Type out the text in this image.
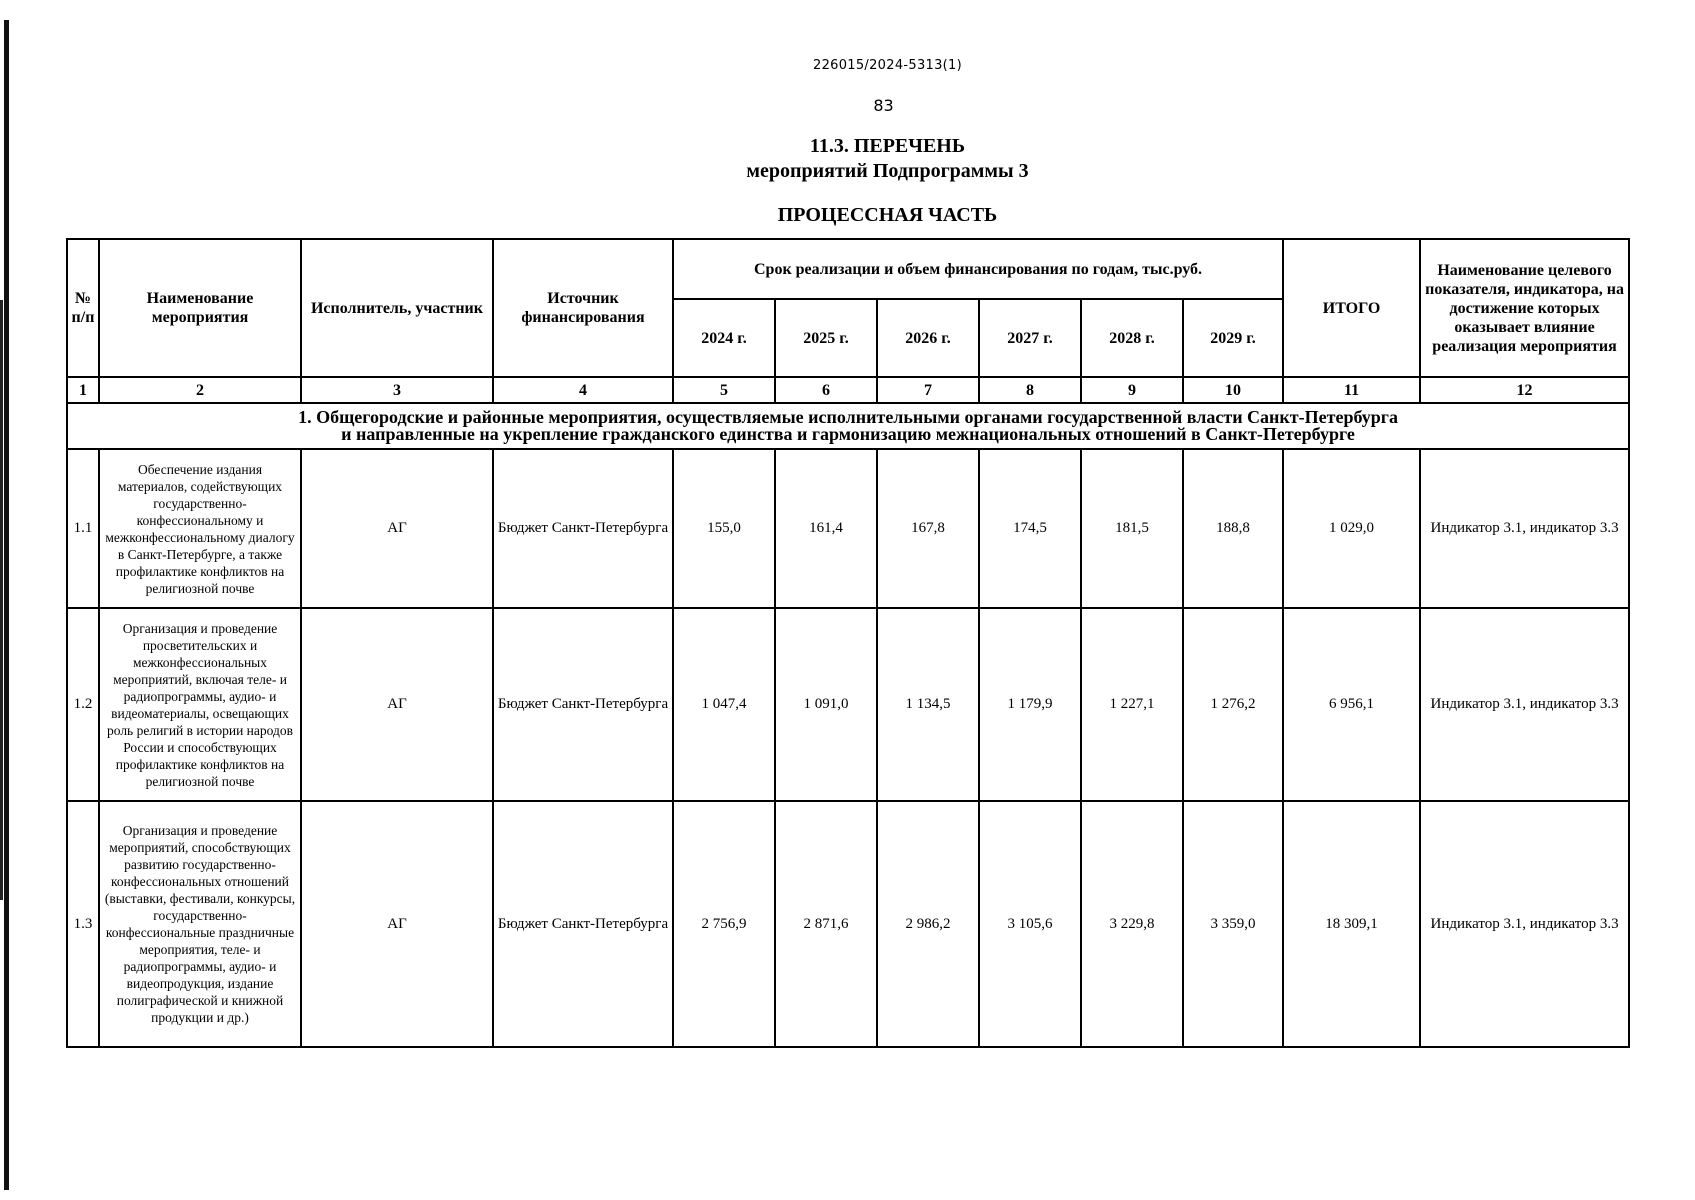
226015/2024-5313(1)
83
11.3. ПЕРЕЧЕНЬ
мероприятий Подпрограммы 3
ПРОЦЕССНАЯ ЧАСТЬ
№ п/п	Наименование мероприятия	Исполнитель, участник	Источник финансирования	Срок реализации и объем финансирования по годам, тыс.руб.						ИТОГО	Наименование целевого показателя, индикатора, на достижение которых оказывает влияние реализация мероприятия
				2024 г.	2025 г.	2026 г.	2027 г.	2028 г.	2029 г.		
1	2	3	4	5	6	7	8	9	10	11	12

1. Общегородские и районные мероприятия, осуществляемые исполнительными органами государственной власти Санкт-Петербурга
и направленные на укрепление гражданского единства и гармонизацию межнациональных отношений в Санкт-Петербурге											

1.1	Обеспечение издания материалов, содействующих государственно-конфессиональному и межконфессиональному диалогу в Санкт-Петербурге, а также профилактике конфликтов на религиозной почве	АГ	Бюджет Санкт-Петербурга	155,0	161,4	167,8	174,5	181,5	188,8	1 029,0	Индикатор 3.1, индикатор 3.3
1.2	Организация и проведение просветительских и межконфессиональных мероприятий, включая теле- и радиопрограммы, аудио- и видеоматериалы, освещающих роль религий в истории народов России и способствующих профилактике конфликтов на религиозной почве	АГ	Бюджет Санкт-Петербурга	1 047,4	1 091,0	1 134,5	1 179,9	1 227,1	1 276,2	6 956,1	Индикатор 3.1, индикатор 3.3
1.3	Организация и проведение мероприятий, способствующих развитию государственно-конфессиональных отношений (выставки, фестивали, конкурсы, государственно-конфессиональные праздничные мероприятия, теле- и радиопрограммы, аудио- и видеопродукция, издание полиграфической и книжной продукции и др.)	АГ	Бюджет Санкт-Петербурга	2 756,9	2 871,6	2 986,2	3 105,6	3 229,8	3 359,0	18 309,1	Индикатор 3.1, индикатор 3.3
